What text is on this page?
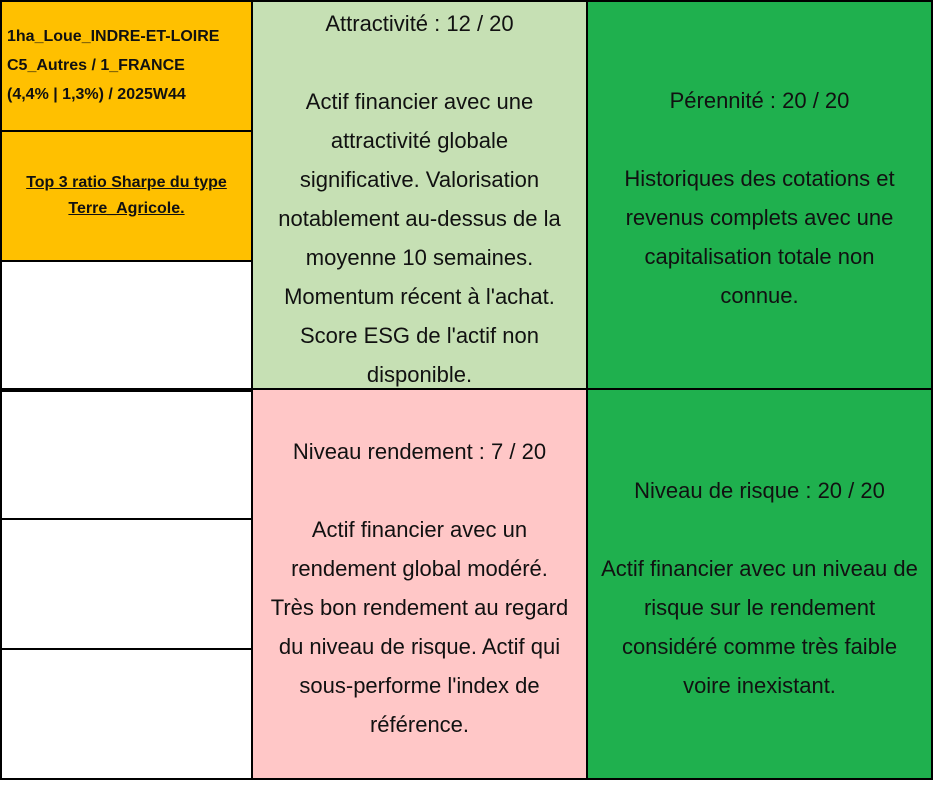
1ha_Loue_INDRE-ET-LOIRE
C5_Autres / 1_FRANCE
(4,4% | 1,3%) / 2025W44
Top 3 ratio Sharpe du type
Terre_Agricole.
Attractivité : 12 / 20
Actif financier avec une
attractivité globale
significative. Valorisation
notablement au-dessus de la
moyenne 10 semaines.
Momentum récent à l'achat.
Score ESG de l'actif non
disponible.
Pérennité : 20 / 20
Historiques des cotations et
revenus complets avec une
capitalisation totale non
connue.
Niveau rendement : 7 / 20
Actif financier avec un
rendement global modéré.
Très bon rendement au regard
du niveau de risque. Actif qui
sous-performe l'index de
référence.
Niveau de risque : 20 / 20
Actif financier avec un niveau de
risque sur le rendement
considéré comme très faible
voire inexistant.
